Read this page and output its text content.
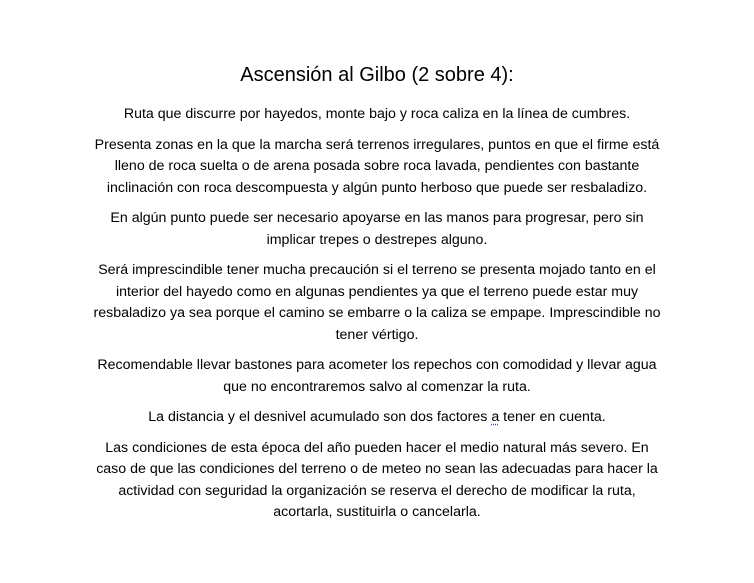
Ascensión al Gilbo (2 sobre 4):

Ruta que discurre por hayedos, monte bajo y roca caliza en la línea de cumbres.

Presenta zonas en la que la marcha será terrenos irregulares, puntos en que el firme está lleno de roca suelta o de arena posada sobre roca lavada, pendientes con bastante inclinación con roca descompuesta y algún punto herboso que puede ser resbaladizo.

En algún punto puede ser necesario apoyarse en las manos para progresar, pero sin implicar trepes o destrepes alguno.

Será imprescindible tener mucha precaución si el terreno se presenta mojado tanto en el interior del hayedo como en algunas pendientes ya que el terreno puede estar muy resbaladizo ya sea porque el camino se embarre o la caliza se empape. Imprescindible no tener vértigo.

Recomendable llevar bastones para acometer los repechos con comodidad y llevar agua que no encontraremos salvo al comenzar la ruta.

La distancia y el desnivel acumulado son dos factores a tener en cuenta.

Las condiciones de esta época del año pueden hacer el medio natural más severo. En caso de que las condiciones del terreno o de meteo no sean las adecuadas para hacer la actividad con seguridad la organización se reserva el derecho de modificar la ruta, acortarla, sustituirla o cancelarla.
